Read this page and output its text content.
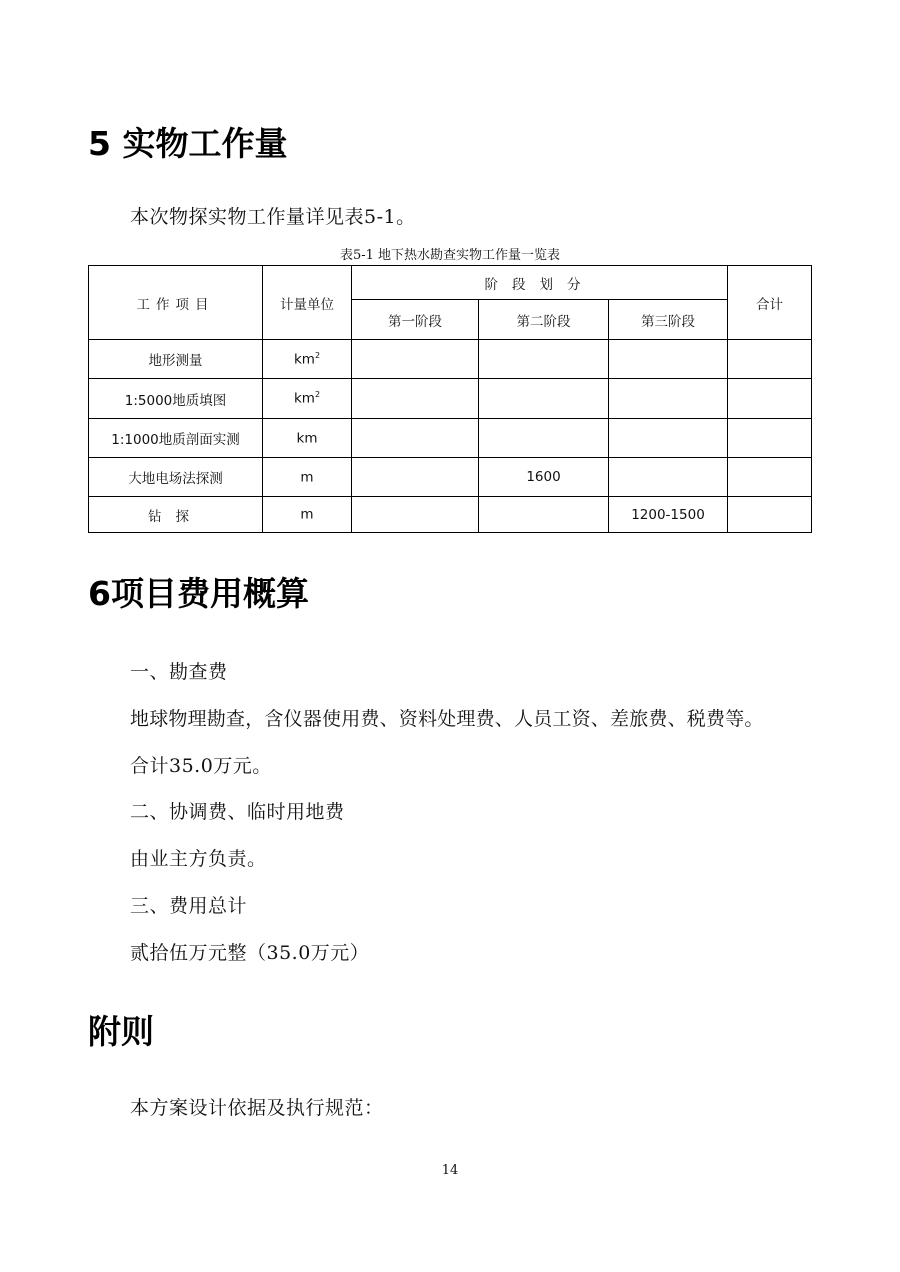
5 实物工作量
本次物探实物工作量详见表5-1。
表5-1 地下热水勘查实物工作量一览表
工作项目	计量单位	阶段划分			合计
		第一阶段	第二阶段	第三阶段	
地形测量	$km^2$				
1:5000地质填图	$km^2$				
1:1000地质剖面实测	km				
大地电场法探测	m		1600		
钻探	m			1200-1500	
6项目费用概算
一、勘查费
地球物理勘查，含仪器使用费、资料处理费、人员工资、差旅费、税费等。
合计35.0万元。
二、协调费、临时用地费
由业主方负责。
三、费用总计
贰拾伍万元整（35.0万元）
附则
本方案设计依据及执行规范：
14
